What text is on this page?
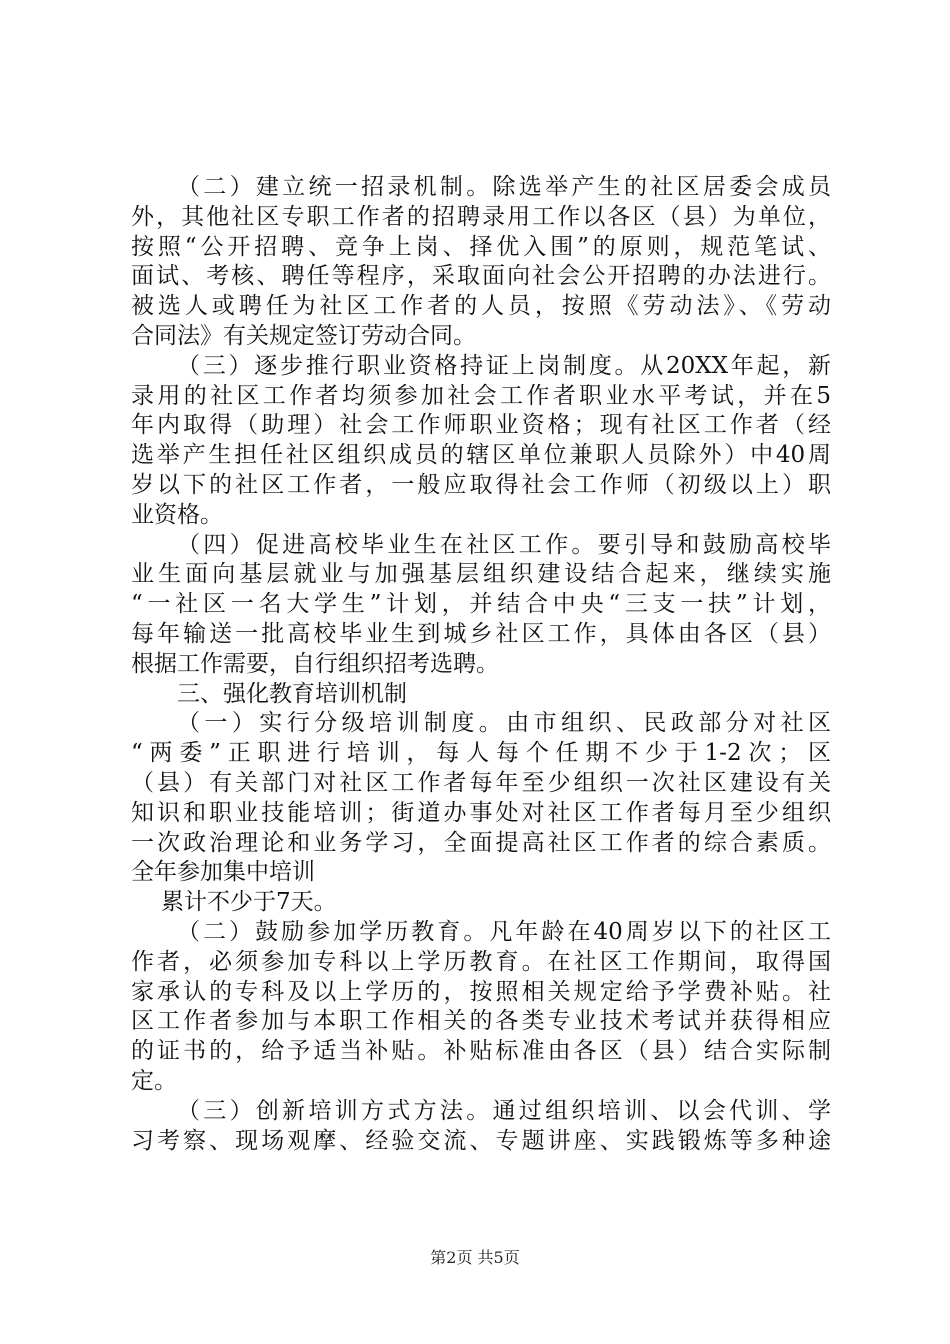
（二）建立统一招录机制。除选举产生的社区居委会成员
外，其他社区专职工作者的招聘录用工作以各区（县）为单位，
按照“公开招聘、竞争上岗、择优入围”的原则，规范笔试、
面试、考核、聘任等程序，采取面向社会公开招聘的办法进行。
被选人或聘任为社区工作者的人员，按照《劳动法》、《劳动
合同法》有关规定签订劳动合同。
（三）逐步推行职业资格持证上岗制度。从20XX年起，新
录用的社区工作者均须参加社会工作者职业水平考试，并在5
年内取得（助理）社会工作师职业资格；现有社区工作者（经
选举产生担任社区组织成员的辖区单位兼职人员除外）中40周
岁以下的社区工作者，一般应取得社会工作师（初级以上）职
业资格。
（四）促进高校毕业生在社区工作。要引导和鼓励高校毕
业生面向基层就业与加强基层组织建设结合起来，继续实施
“一社区一名大学生”计划，并结合中央“三支一扶”计划，
每年输送一批高校毕业生到城乡社区工作，具体由各区（县）
根据工作需要，自行组织招考选聘。
三、强化教育培训机制
（一）实行分级培训制度。由市组织、民政部分对社区
“两委”正职进行培训，每人每个任期不少于1-2次；区
（县）有关部门对社区工作者每年至少组织一次社区建设有关
知识和职业技能培训；街道办事处对社区工作者每月至少组织
一次政治理论和业务学习，全面提高社区工作者的综合素质。
全年参加集中培训
累计不少于7天。
（二）鼓励参加学历教育。凡年龄在40周岁以下的社区工
作者，必须参加专科以上学历教育。在社区工作期间，取得国
家承认的专科及以上学历的，按照相关规定给予学费补贴。社
区工作者参加与本职工作相关的各类专业技术考试并获得相应
的证书的，给予适当补贴。补贴标准由各区（县）结合实际制
定。
（三）创新培训方式方法。通过组织培训、以会代训、学
习考察、现场观摩、经验交流、专题讲座、实践锻炼等多种途
第2页 共5页
